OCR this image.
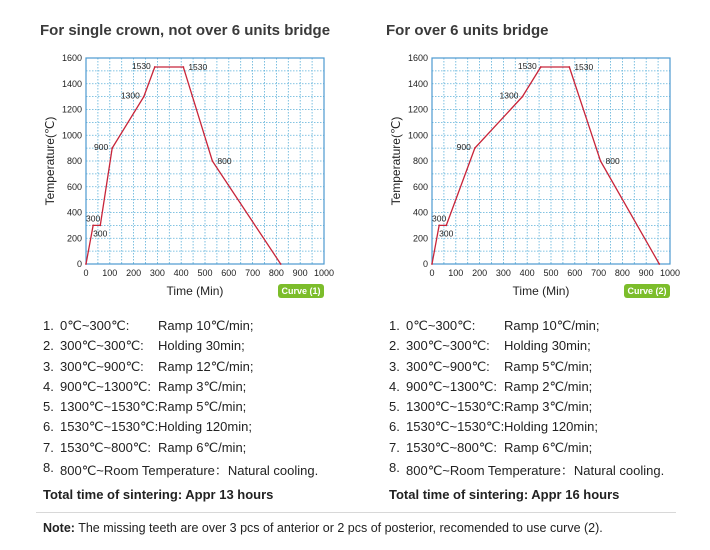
For single crown, not over 6 units bridge
0 100 200 300 400 500 600 700 800 900 1000
0
200
400
600
800
1000
1200
1400
1600
Time (Min)
Temperature(℃)
Curve (1)
300
300
900
1300
1530	1530
800
1. 0℃~300℃: Ramp 10℃/min;
2. 300℃~300℃: Holding 30min;
3. 300℃~900℃: Ramp 12℃/min;
4. 900℃~1300℃: Ramp 3℃/min;
5. 1300℃~1530℃: Ramp 5℃/min;
6. 1530℃~1530℃: Holding 120min;
7. 1530℃~800℃: Ramp 6℃/min;
8. 800℃~Room Temperature：Natural cooling.
Total time of sintering: Appr 13 hours
For over 6 units bridge
0 100 200 300 400 500 600 700 800 900 1000
0
200
400
600
800
1000
1200
1400
1600
Time (Min)
Temperature(℃)
Curve (2)
300
300
900
1300
1530	1530
800
1. 0℃~300℃: Ramp 10℃/min;
2. 300℃~300℃: Holding 30min;
3. 300℃~900℃: Ramp 5℃/min;
4. 900℃~1300℃: Ramp 2℃/min;
5. 1300℃~1530℃: Ramp 3℃/min;
6. 1530℃~1530℃: Holding 120min;
7. 1530℃~800℃: Ramp 6℃/min;
8. 800℃~Room Temperature：Natural cooling.
Total time of sintering: Appr 16 hours
Note: The missing teeth are over 3 pcs of anterior or 2 pcs of posterior, recomended to use curve (2).
